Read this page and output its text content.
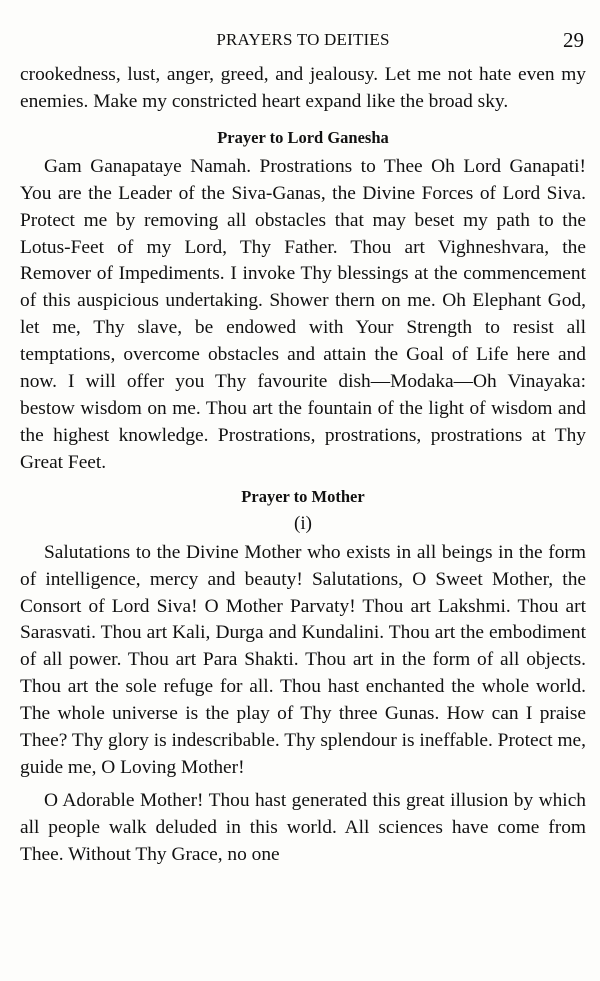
PRAYERS TO DEITIES	29

crookedness, lust, anger, greed, and jealousy. Let me not hate even my enemies. Make my constricted heart expand like the broad sky.

Prayer to Lord Ganesha

Gam Ganapataye Namah. Prostrations to Thee Oh Lord Ganapati! You are the Leader of the Siva-Ganas, the Divine Forces of Lord Siva. Protect me by removing all obstacles that may beset my path to the Lotus-Feet of my Lord, Thy Father. Thou art Vighneshvara, the Remover of Impediments. I invoke Thy blessings at the commencement of this auspicious undertaking. Shower thern on me. Oh Elephant God, let me, Thy slave, be endowed with Your Strength to resist all temptations, overcome obstacles and attain the Goal of Life here and now. I will offer you Thy favourite dish—Modaka—Oh Vinayaka: bestow wisdom on me. Thou art the fountain of the light of wisdom and the highest knowledge. Prostrations, prostrations, prostrations at Thy Great Feet.

Prayer to Mother
(i)

Salutations to the Divine Mother who exists in all beings in the form of intelligence, mercy and beauty! Salutations, O Sweet Mother, the Consort of Lord Siva! O Mother Parvaty! Thou art Lakshmi. Thou art Sarasvati. Thou art Kali, Durga and Kundalini. Thou art the embodiment of all power. Thou art Para Shakti. Thou art in the form of all objects. Thou art the sole refuge for all. Thou hast enchanted the whole world. The whole universe is the play of Thy three Gunas. How can I praise Thee? Thy glory is indescribable. Thy splendour is ineffable. Protect me, guide me, O Loving Mother!

O Adorable Mother! Thou hast generated this great illusion by which all people walk deluded in this world. All sciences have come from Thee. Without Thy Grace, no one
